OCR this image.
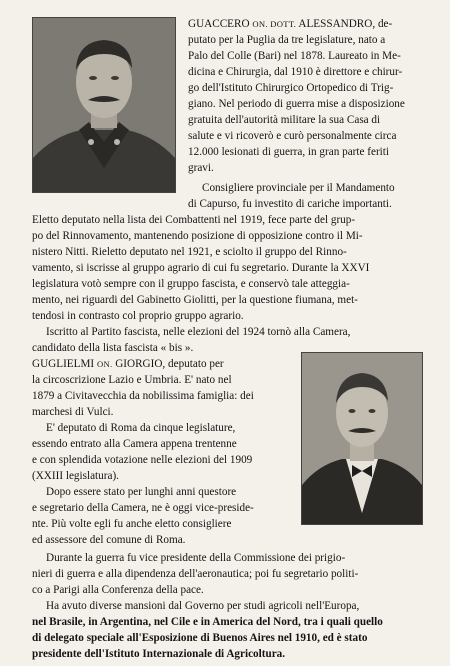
GUACCERO ON. DOTT. ALESSANDRO, de-
putato per la Puglia da tre legislature, nato a
Palo del Colle (Bari) nel 1878. Laureato in Me-
dicina e Chirurgia, dal 1910 è direttore e chirur-
go dell'Istituto Chirurgico Ortopedico di Trig-
giano. Nel periodo di guerra mise a disposizione
gratuita dell'autorità militare la sua Casa di
salute e vi ricoverò e curò personalmente circa
12.000 lesionati di guerra, in gran parte feriti
gravi.
Consigliere provinciale per il Mandamento
di Capurso, fu investito di cariche importanti.
Eletto deputato nella lista dei Combattenti nel 1919, fece parte del grup-
po del Rinnovamento, mantenendo posizione di opposizione contro il Mi-
nistero Nitti. Rieletto deputato nel 1921, e sciolto il gruppo del Rinno-
vamento, si iscrisse al gruppo agrario di cui fu segretario. Durante la XXVI
legislatura votò sempre con il gruppo fascista, e conservò tale atteggia-
mento, nei riguardi del Gabinetto Giolitti, per la questione fiumana, met-
tendosi in contrasto col proprio gruppo agrario.
Iscritto al Partito fascista, nelle elezioni del 1924 tornò alla Camera,
candidato della lista fascista « bis ».
GUGLIELMI ON. GIORGIO, deputato per
la circoscrizione Lazio e Umbria. E' nato nel
1879 a Civitavecchia da nobilissima famiglia: dei
marchesi di Vulci.
E' deputato di Roma da cinque legislature,
essendo entrato alla Camera appena trentenne
e con splendida votazione nelle elezioni del 1909
(XXIII legislatura).
Dopo essere stato per lunghi anni questore
e segretario della Camera, ne è oggi vice-preside-
nte. Più volte egli fu anche eletto consigliere
ed assessore del comune di Roma.
Durante la guerra fu vice presidente della Commissione dei prigio-
nieri di guerra e alla dipendenza dell'aeronautica; poi fu segretario politi-
co a Parigi alla Conferenza della pace.
Ha avuto diverse mansioni dal Governo per studi agricoli nell'Europa,
nel Brasile, in Argentina, nel Cile e in America del Nord, tra i quali quello
di delegato speciale all'Esposizione di Buenos Aires nel 1910, ed è stato
presidente dell'Istituto Internazionale di Agricoltura.
